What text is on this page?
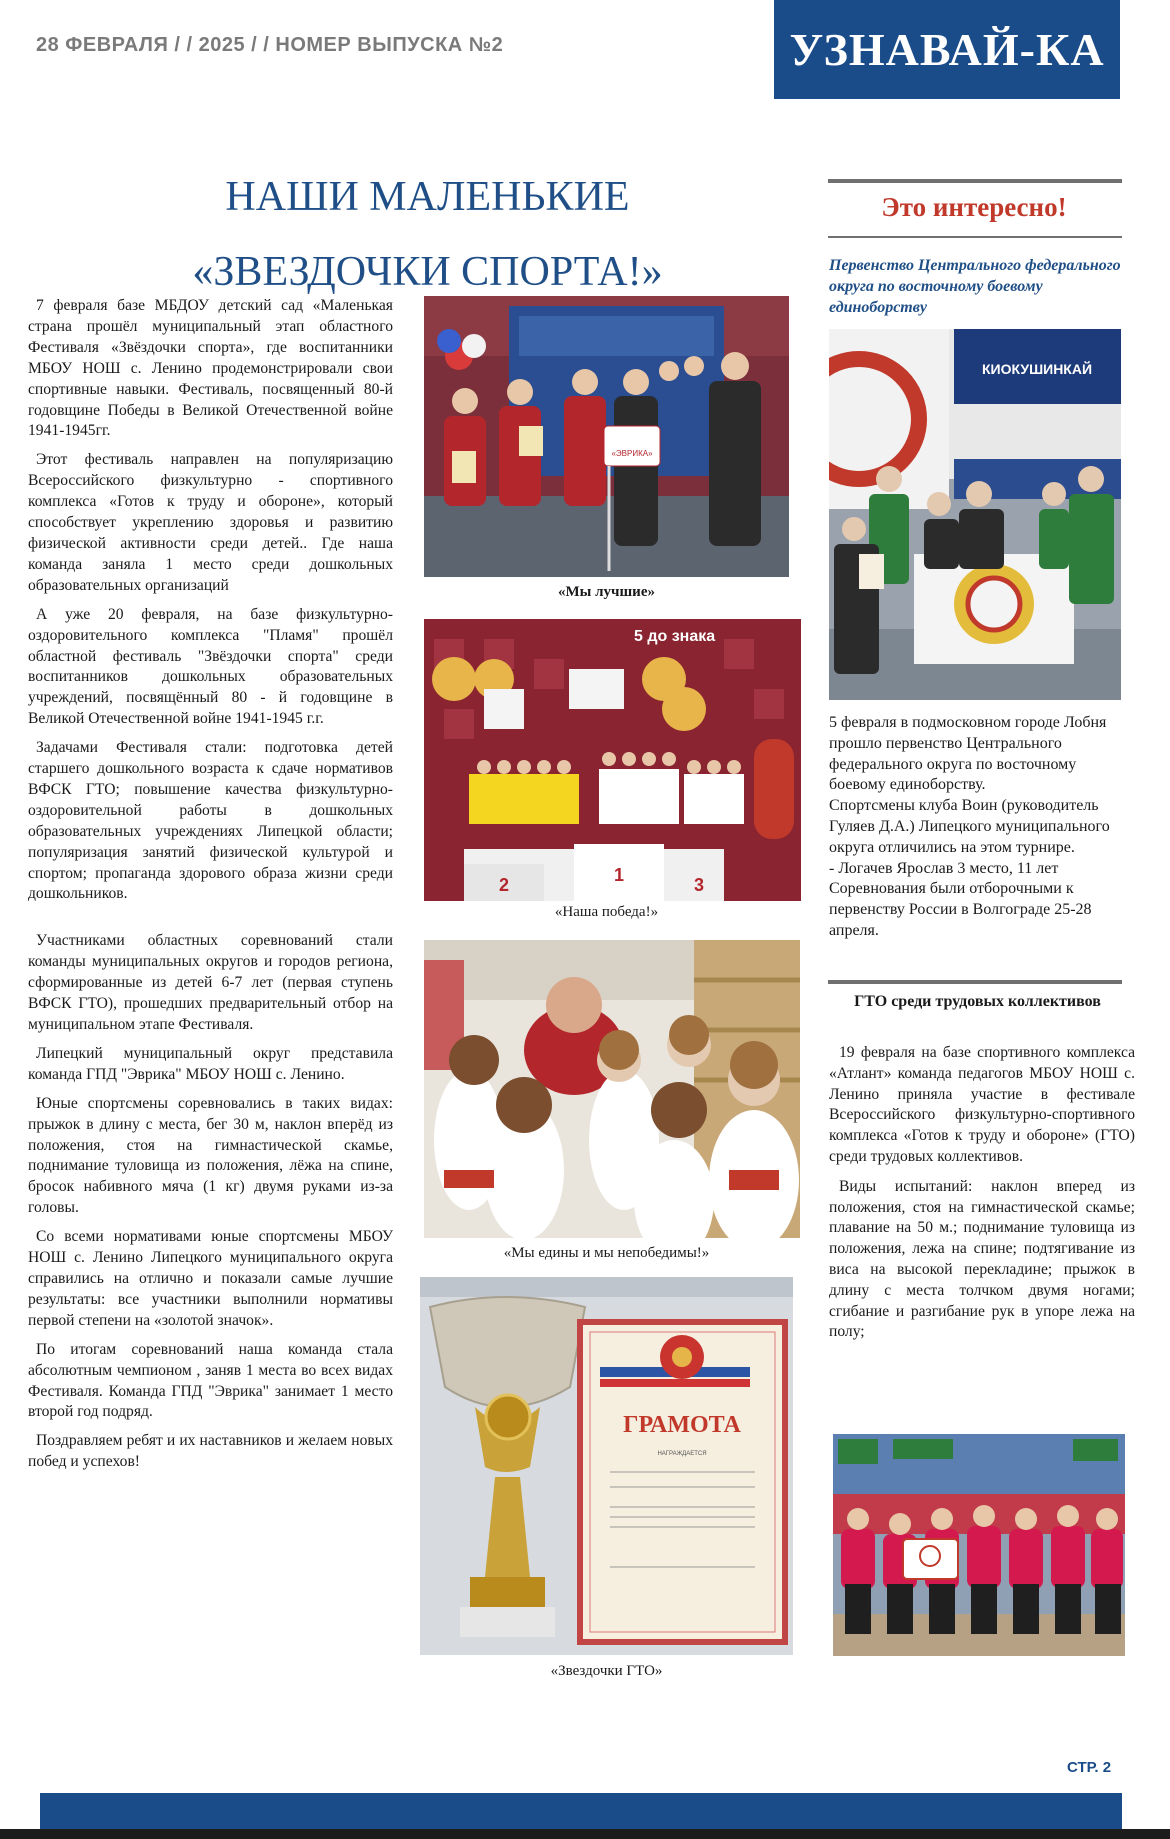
28 ФЕВРАЛЯ / / 2025 / / НОМЕР ВЫПУСКА №2	УЗНАВАЙ-КА
НАШИ МАЛЕНЬКИЕ
«ЗВЕЗДОЧКИ СПОРТА!»

7 февраля базе МБДОУ детский сад «Маленькая страна прошёл муниципальный этап областного Фестиваля «Звёздочки спорта», где воспитанники МБОУ НОШ с. Ленино продемонстрировали свои спортивные навыки. Фестиваль, посвященный 80-й годовщине Победы в Великой Отечественной войне 1941-1945гг.

Этот фестиваль направлен на популяризацию Всероссийского физкультурно - спортивного комплекса «Готов к труду и обороне», который способствует укреплению здоровья и развитию физической активности среди детей.. Где наша команда заняла 1 место среди дошкольных образовательных организаций

А уже 20 февраля, на базе физкультурно-оздоровительного комплекса "Пламя" прошёл областной фестиваль "Звёздочки спорта" среди воспитанников дошкольных образовательных учреждений, посвящённый 80 - й годовщине в Великой Отечественной войне 1941-1945 г.г.

Задачами Фестиваля стали: подготовка детей старшего дошкольного возраста к сдаче нормативов ВФСК ГТО; повышение качества физкультурно-оздоровительной работы в дошкольных образовательных учреждениях Липецкой области; популяризация занятий физической культурой и спортом; пропаганда здорового образа жизни среди дошкольников.

Участниками областных соревнований стали команды муниципальных округов и городов региона, сформированные из детей 6-7 лет (первая ступень ВФСК ГТО), прошедших предварительный отбор на муниципальном этапе Фестиваля.

Липецкий муниципальный округ представила команда ГПД "Эврика" МБОУ НОШ с. Ленино.

Юные спортсмены соревновались в таких видах: прыжок в длину с места, бег 30 м, наклон вперёд из положения, стоя на гимнастической скамье, поднимание туловища из положения, лёжа на спине, бросок набивного мяча (1 кг) двумя руками из-за головы.

Со всеми нормативами юные спортсмены МБОУ НОШ с. Ленино Липецкого муниципального округа справились на отлично и показали самые лучшие результаты: все участники выполнили нормативы первой степени на «золотой значок».

По итогам соревнований наша команда стала абсолютным чемпионом , заняв 1 места во всех видах Фестиваля. Команда ГПД "Эврика" занимает 1 место второй год подряд.

Поздравляем ребят и их наставников и желаем новых побед и успехов!

«ЭВРИКА»
«Мы лучшие»
5 до знака
2	1	3
«Наша победа!»
«Мы едины и мы непобедимы!»
ГРАМОТА
НАГРАЖДАЕТСЯ
«Звездочки ГТО»
Это интересно!
Первенство Центрального федерального округа по восточному боевому единоборству
КИОКУШИНКАЙ

5 февраля в подмосковном городе Лобня прошло первенство Центрального федерального округа по восточному боевому единоборству.

Спортсмены клуба Воин (руководитель Гуляев Д.А.) Липецкого муниципального округа отличились на этом турнире.

- Логачев Ярослав 3 место, 11 лет

Соревнования были отборочными к первенству России в Волгограде 25-28 апреля.

ГТО среди трудовых коллективов

19 февраля на базе спортивного комплекса «Атлант» команда педагогов МБОУ НОШ с. Ленино приняла участие в фестивале Всероссийского физкультурно-спортивного комплекса «Готов к труду и обороне» (ГТО) среди трудовых коллективов.

Виды испытаний: наклон вперед из положения, стоя на гимнастической скамье; плавание на 50 м.; поднимание туловища из положения, лежа на спине; подтягивание из виса на высокой перекладине; прыжок в длину с места толчком двумя ногами; сгибание и разгибание рук в упоре лежа на полу;

СТР. 2
